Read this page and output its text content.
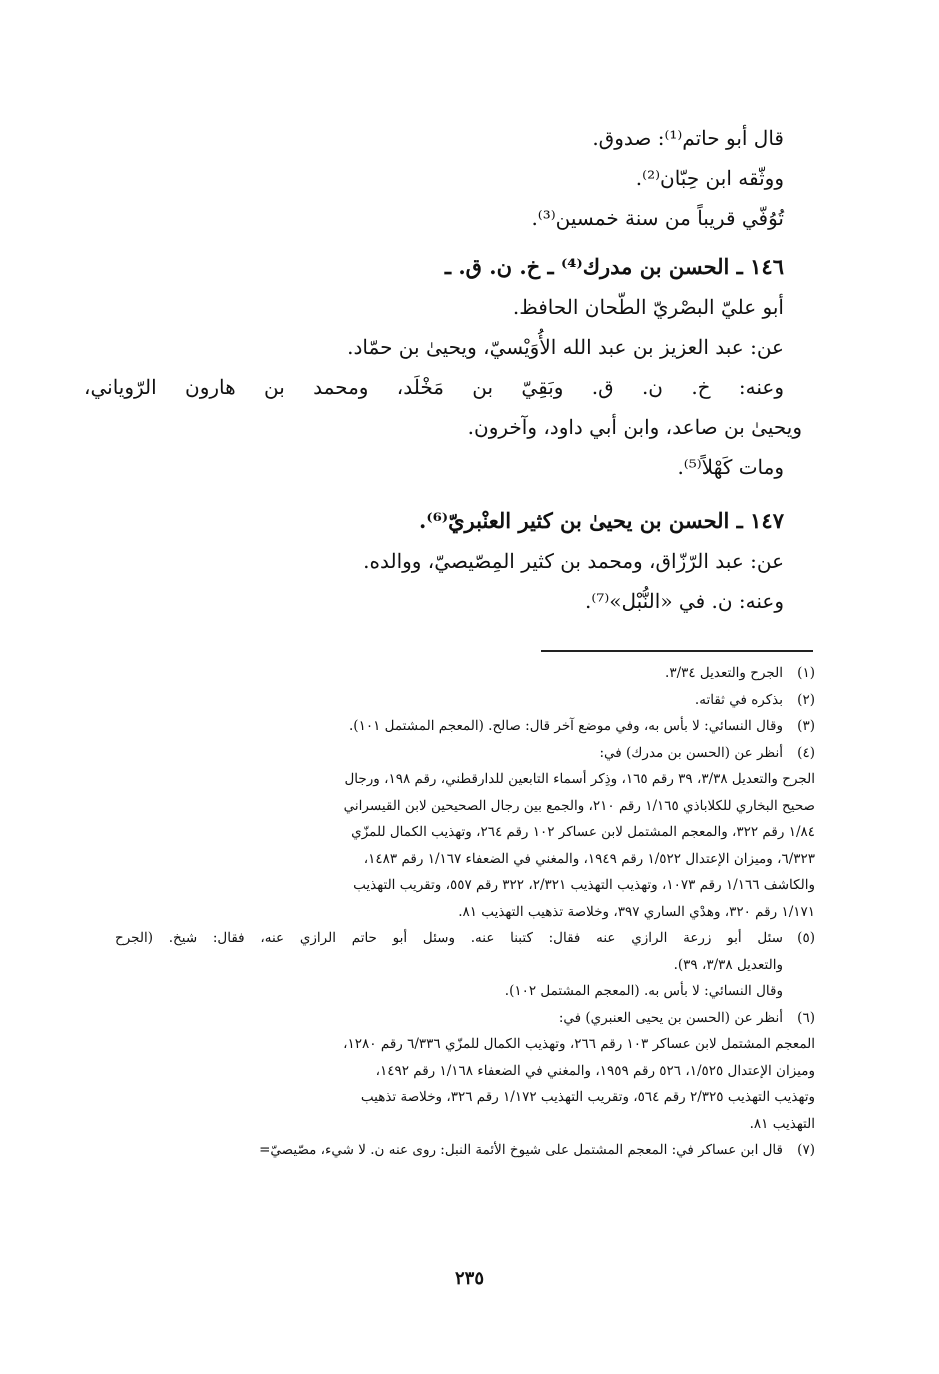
قال أبو حاتم⁽¹⁾: صدوق.
ووثّقه ابن حِبّان⁽²⁾.
تُوُفّي قريباً من سنة خمسين⁽³⁾.
١٤٦ ـ الحسن بن مدرك⁽⁴⁾ ـ خ. ن. ق. ـ
أبو عليّ البصْريّ الطّحان الحافظ.
عن: عبد العزيز بن عبد الله الأُوَيْسيّ، ويحيىٰ بن حمّاد.
وعنه: خ. ن. ق. وبَقِيّ بن مَخْلَد، ومحمد بن هارون الرّوياني،
ويحيىٰ بن صاعد، وابن أبي داود، وآخرون.
ومات كَهْلاً⁽⁵⁾.
١٤٧ ـ الحسن بن يحيىٰ بن كثير العنْبريّ⁽⁶⁾.
عن: عبد الرّزّاق، ومحمد بن كثير المِصّيصيّ، ووالده.
وعنه: ن. في «النُّبْل»⁽⁷⁾.
(١)
الجرح والتعديل ٣/٣٤.
(٢)
بذكره في ثقاته.
(٣)
وقال النسائي: لا بأس به، وفي موضع آخر قال: صالح. (المعجم المشتمل ١٠١).
(٤)
أنظر عن (الحسن بن مدرك) في:
الجرح والتعديل ٣/٣٨، ٣٩ رقم ١٦٥، وذِكر أسماء التابعين للدارقطني، رقم ١٩٨، ورجال
صحيح البخاري للكلاباذي ١/١٦٥ رقم ٢١٠، والجمع بين رجال الصحيحين لابن القيسراني
١/٨٤ رقم ٣٢٢، والمعجم المشتمل لابن عساكر ١٠٢ رقم ٢٦٤، وتهذيب الكمال للمزّي
٦/٣٢٣، وميزان الإعتدال ١/٥٢٢ رقم ١٩٤٩، والمغني في الضعفاء ١/١٦٧ رقم ١٤٨٣،
والكاشف ١/١٦٦ رقم ١٠٧٣، وتهذيب التهذيب ٢/٣٢١، ٣٢٢ رقم ٥٥٧، وتقريب التهذيب
١/١٧١ رقم ٣٢٠، وهدْي الساري ٣٩٧، وخلاصة تذهيب التهذيب ٨١.
(٥)
سئل أبو زرعة الرازي عنه فقال: كتبنا عنه. وسئل أبو حاتم الرازي عنه، فقال: شيخ. (الجرح
والتعديل ٣/٣٨، ٣٩).
وقال النسائي: لا بأس به. (المعجم المشتمل ١٠٢).
(٦)
أنظر عن (الحسن بن يحيى العنبري) في:
المعجم المشتمل لابن عساكر ١٠٣ رقم ٢٦٦، وتهذيب الكمال للمزّي ٦/٣٣٦ رقم ١٢٨٠،
وميزان الإعتدال ١/٥٢٥، ٥٢٦ رقم ١٩٥٩، والمغني في الضعفاء ١/١٦٨ رقم ١٤٩٢،
وتهذيب التهذيب ٢/٣٢٥ رقم ٥٦٤، وتقريب التهذيب ١/١٧٢ رقم ٣٢٦، وخلاصة تذهيب
التهذيب ٨١.
(٧)
قال ابن عساكر في: المعجم المشتمل على شيوخ الأئمة النبل: روى عنه ن. لا شيء، مصّيصيّ=
٢٣٥
